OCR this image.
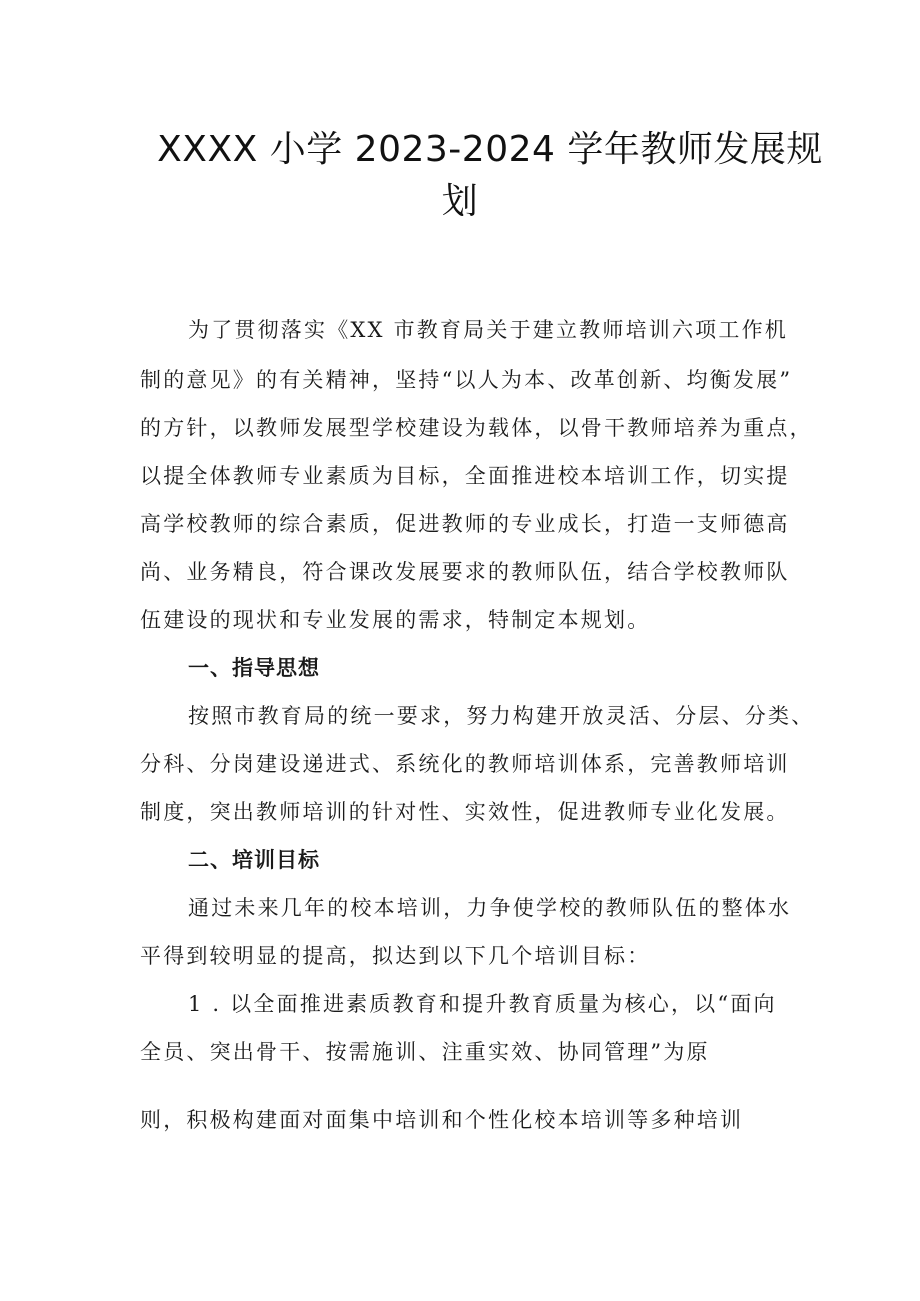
XXXX 小学 2023-2024 学年教师发展规
划
为了贯彻落实《XX 市教育局关于建立教师培训六项工作机
制的意见》的有关精神，坚持“以人为本、改革创新、均衡发展”
的方针，以教师发展型学校建设为载体，以骨干教师培养为重点，
以提全体教师专业素质为目标，全面推进校本培训工作，切实提
高学校教师的综合素质，促进教师的专业成长，打造一支师德高
尚、业务精良，符合课改发展要求的教师队伍，结合学校教师队
伍建设的现状和专业发展的需求，特制定本规划。
一、指导思想
按照市教育局的统一要求，努力构建开放灵活、分层、分类、
分科、分岗建设递进式、系统化的教师培训体系，完善教师培训
制度，突出教师培训的针对性、实效性，促进教师专业化发展。
二、培训目标
通过未来几年的校本培训，力争使学校的教师队伍的整体水
平得到较明显的提高，拟达到以下几个培训目标：
1 . 以全面推进素质教育和提升教育质量为核心，以“面向
全员、突出骨干、按需施训、注重实效、协同管理”为原
则，积极构建面对面集中培训和个性化校本培训等多种培训
